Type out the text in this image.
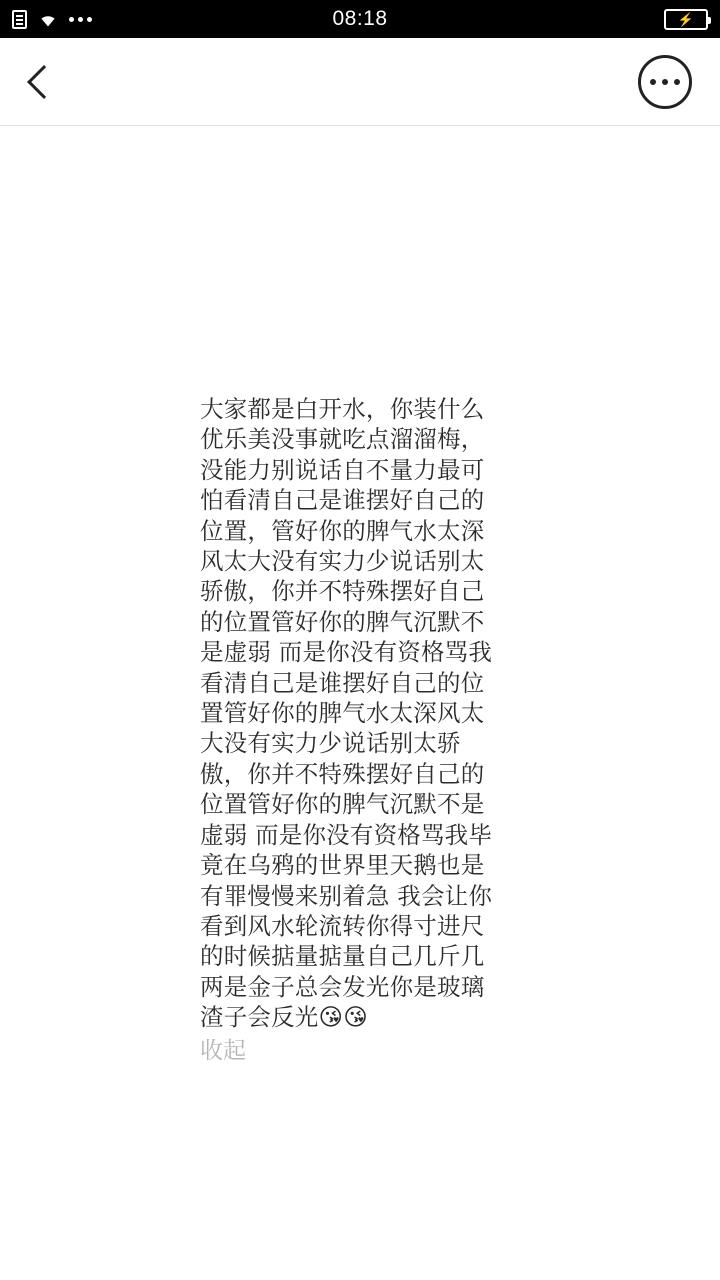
08:18	⚡
大家都是白开水，你装什么优乐美没事就吃点溜溜梅，没能力别说话自不量力最可怕看清自己是谁摆好自己的位置，管好你的脾气水太深风太大没有实力少说话别太骄傲，你并不特殊摆好自己的位置管好你的脾气沉默不是虚弱 而是你没有资格骂我看清自己是谁摆好自己的位置管好你的脾气水太深风太大没有实力少说话别太骄傲，你并不特殊摆好自己的位置管好你的脾气沉默不是虚弱 而是你没有资格骂我毕竟在乌鸦的世界里天鹅也是有罪慢慢来别着急 我会让你看到风水轮流转你得寸进尺的时候掂量掂量自己几斤几两是金子总会发光你是玻璃渣子会反光😘😘
收起
